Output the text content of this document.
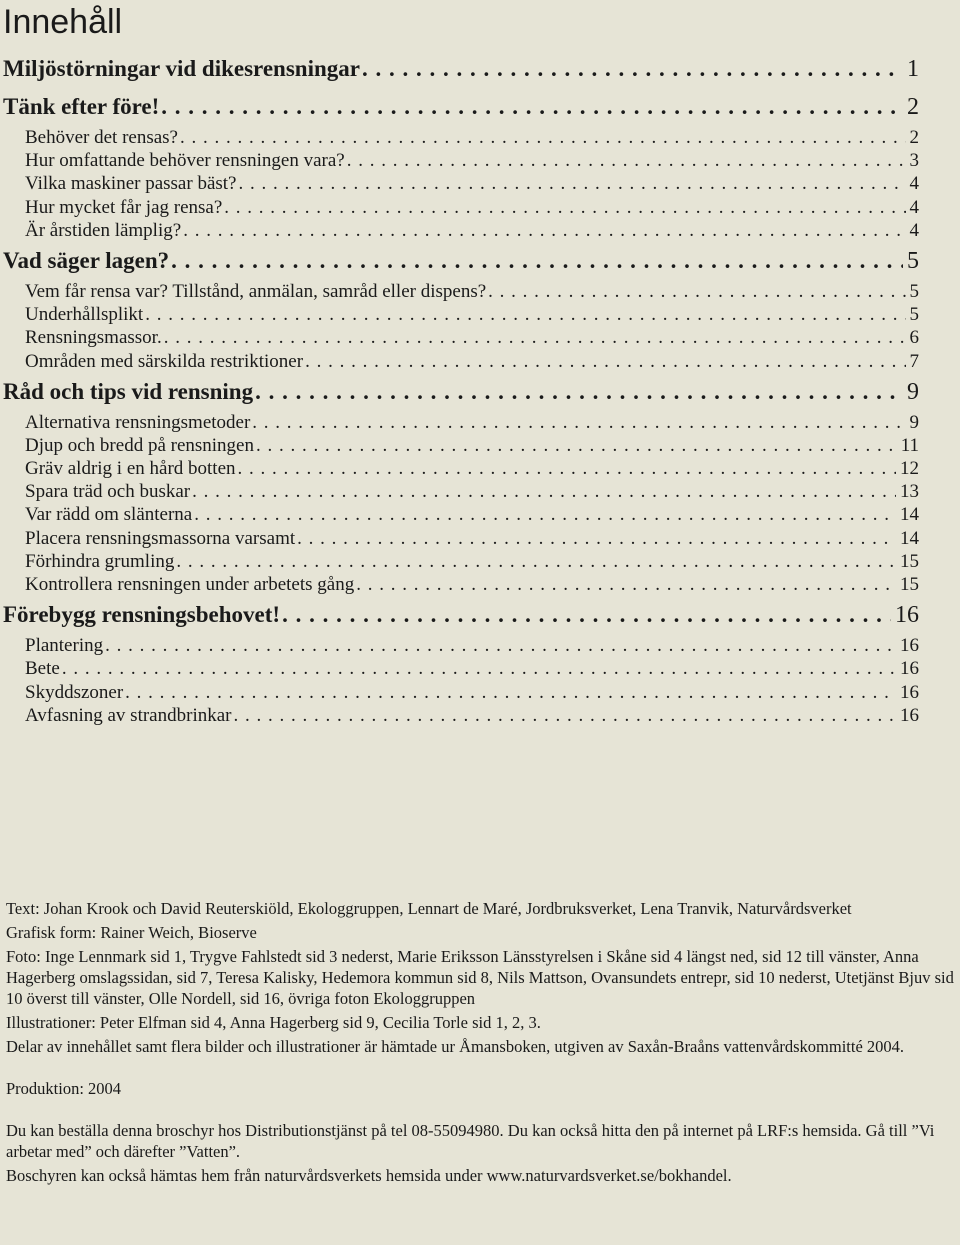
Innehåll
Miljöstörningar vid dikesrensningar . . .	1
Tänk efter före! . . .	2
Behöver det rensas? . . .	2
Hur omfattande behöver rensningen vara? . . .	3
Vilka maskiner passar bäst? . . .	4
Hur mycket får jag rensa? . . .	4
Är årstiden lämplig? . . .	4
Vad säger lagen? . . .	5
Vem får rensa var? Tillstånd, anmälan, samråd eller dispens? . . .	5
Underhållsplikt . . .	5
Rensningsmassor. . . .	6
Områden med särskilda restriktioner . . .	7
Råd och tips vid rensning . . .	9
Alternativa rensningsmetoder . . .	9
Djup och bredd på rensningen . . .	11
Gräv aldrig i en hård botten . . .	12
Spara träd och buskar . . .	13
Var rädd om slänterna . . .	14
Placera rensningsmassorna varsamt . . .	14
Förhindra grumling . . .	15
Kontrollera rensningen under arbetets gång . . .	15
Förebygg rensningsbehovet! . . .	16
Plantering . . .	16
Bete . . .	16
Skyddszoner . . .	16
Avfasning av strandbrinkar . . .	16

Text: Johan Krook och David Reuterskiöld, Ekologgruppen, Lennart de Maré, Jordbruksverket, Lena Tranvik, Naturvårdsverket

Grafisk form: Rainer Weich, Bioserve

Foto: Inge Lennmark sid 1, Trygve Fahlstedt sid 3 nederst, Marie Eriksson Länsstyrelsen i Skåne sid 4 längst ned, sid 12 till vänster, Anna Hagerberg omslagssidan, sid 7, Teresa Kalisky, Hedemora kommun sid 8, Nils Mattson, Ovansundets entrepr, sid 10 nederst, Utetjänst Bjuv sid 10 överst till vänster, Olle Nordell, sid 16, övriga foton Ekologgruppen

Illustrationer: Peter Elfman sid 4, Anna Hagerberg sid 9, Cecilia Torle sid 1, 2, 3.

Delar av innehållet samt flera bilder och illustrationer är hämtade ur Åmansboken, utgiven av Saxån-Braåns vattenvårdskommitté 2004.

Produktion: 2004

Du kan beställa denna broschyr hos Distributionstjänst på tel 08-55094980. Du kan också hitta den på internet på LRF:s hemsida. Gå till ”Vi arbetar med” och därefter ”Vatten”.

Boschyren kan också hämtas hem från naturvårdsverkets hemsida under www.naturvardsverket.se/bokhandel.
